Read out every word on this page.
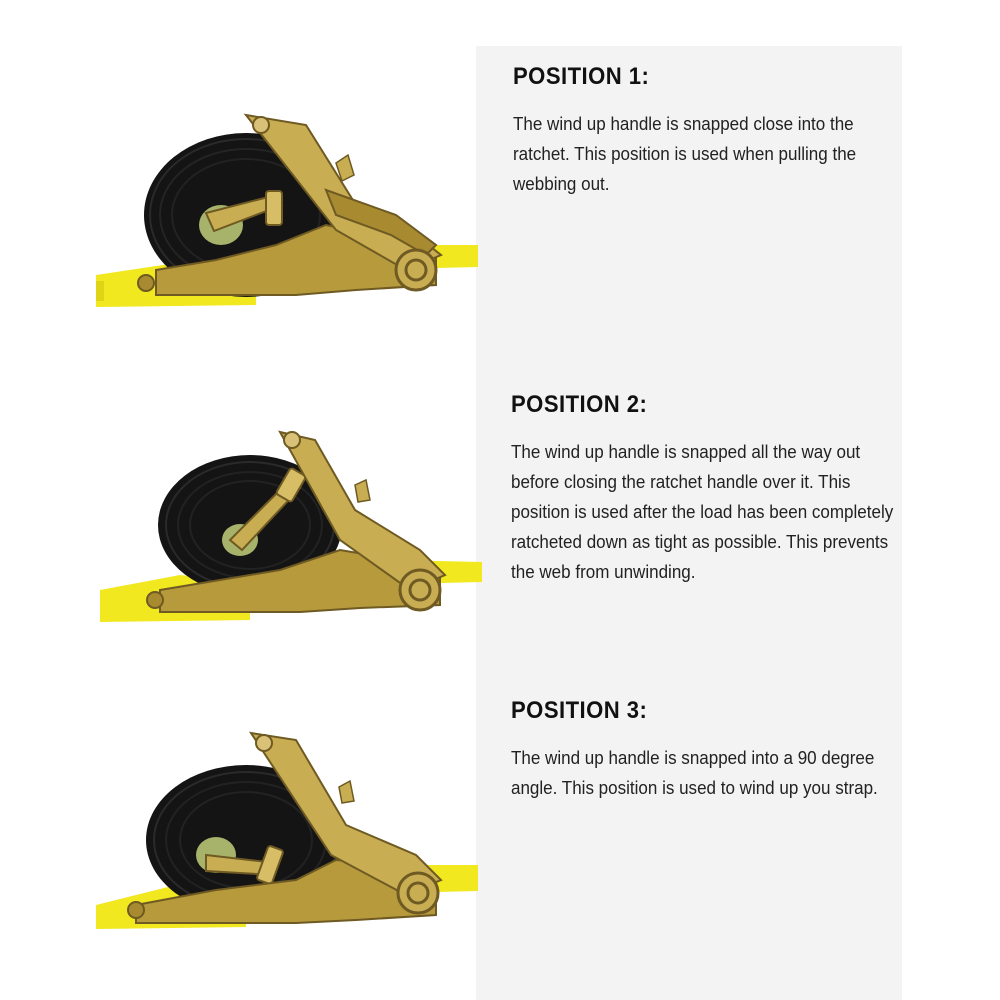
POSITION 1:

The wind up handle is snapped close into the ratchet. This position is used when pulling the webbing out.

POSITION 2:

The wind up handle is snapped all the way out before closing the ratchet handle over it. This position is used after the load has been completely ratcheted down as tight as possible. This prevents the web from unwinding.

POSITION 3:

The wind up handle is snapped into a 90 degree angle. This position is used to wind up you strap.
